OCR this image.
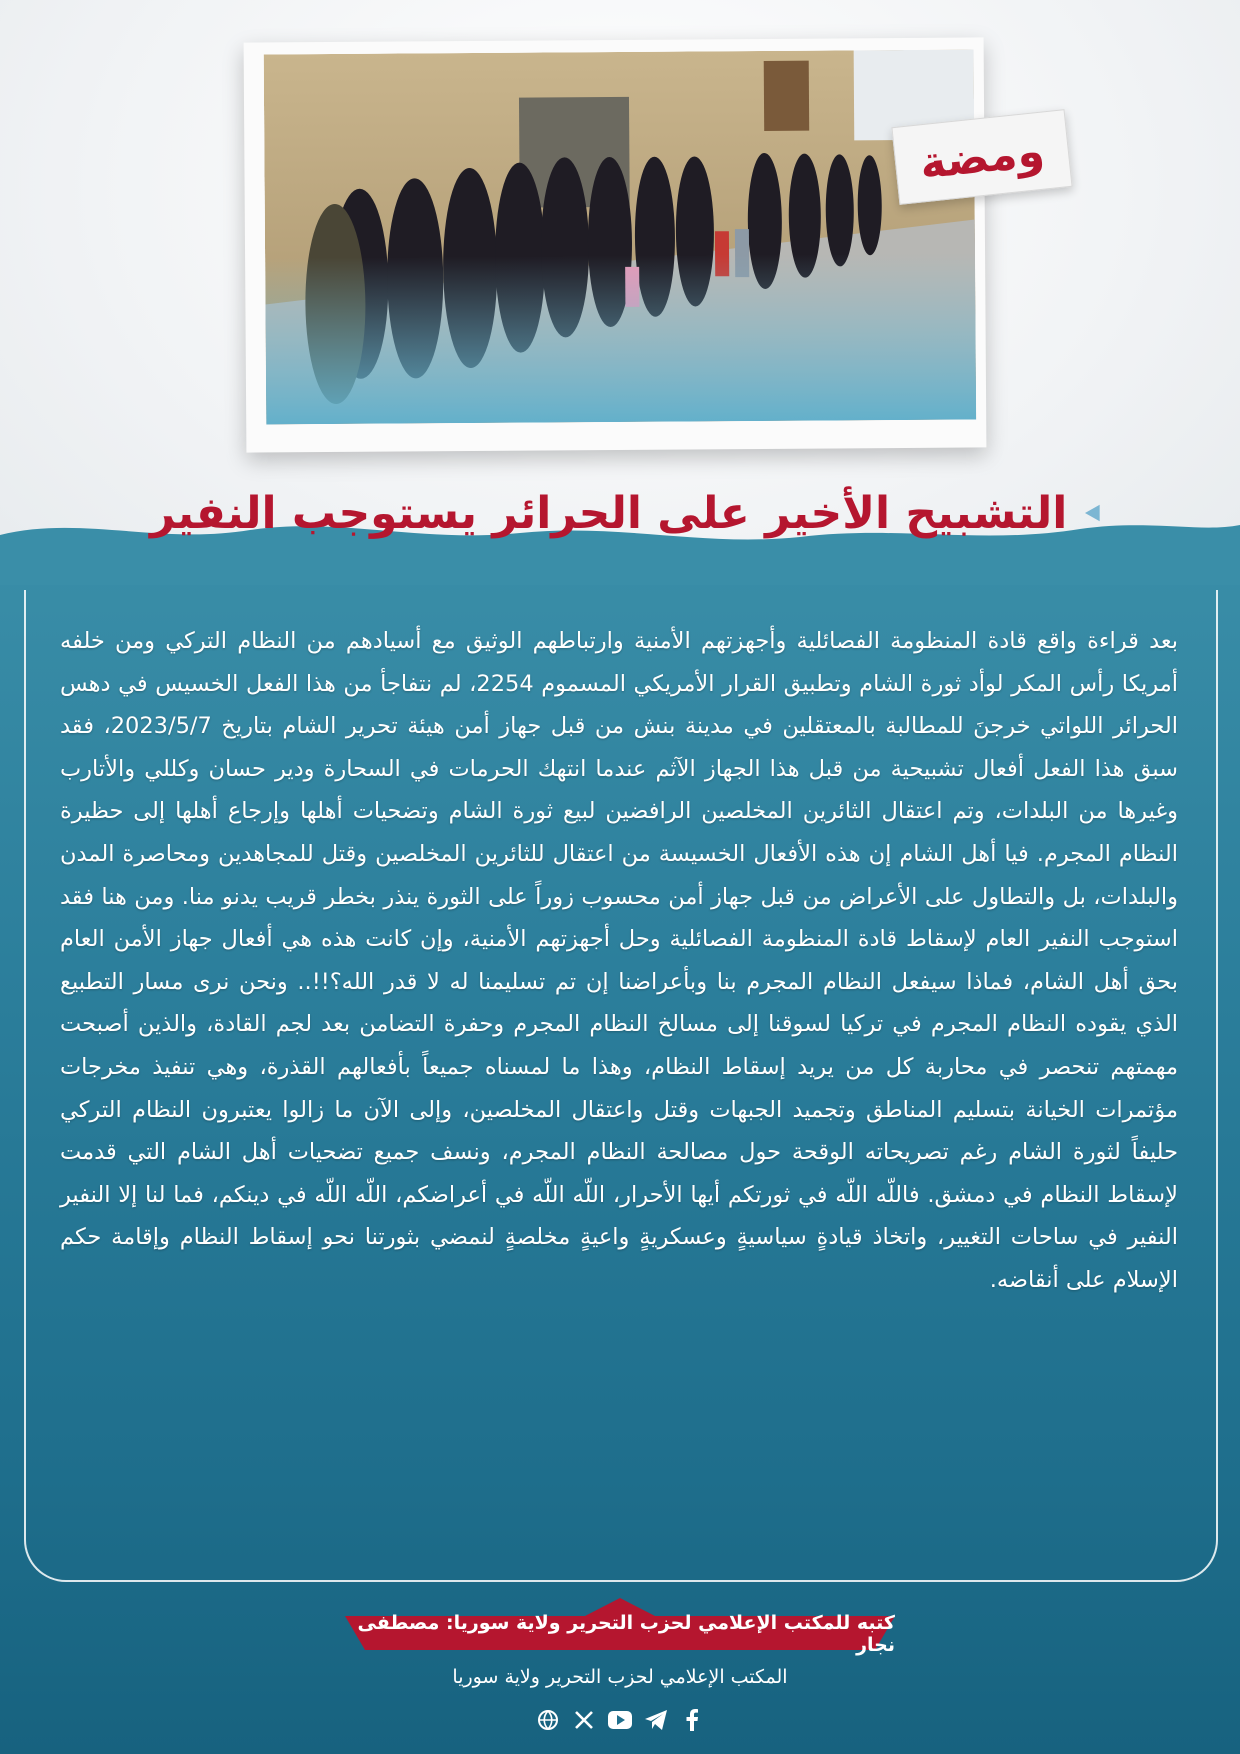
ومضة
التشبيح الأخير على الحرائر يستوجب النفير
بعد قراءة واقع قادة المنظومة الفصائلية وأجهزتهم الأمنية وارتباطهم الوثيق مع أسيادهم من النظام التركي ومن خلفه أمريكا رأس المكر لوأد ثورة الشام وتطبيق القرار الأمريكي المسموم 2254، لم نتفاجأ من هذا الفعل الخسيس في دهس الحرائر اللواتي خرجنَ للمطالبة بالمعتقلين في مدينة بنش من قبل جهاز أمن هيئة تحرير الشام بتاريخ 2023/5/7، فقد سبق هذا الفعل أفعال تشبيحية من قبل هذا الجهاز الآثم عندما انتهك الحرمات في السحارة ودير حسان وكللي والأتارب وغيرها من البلدات، وتم اعتقال الثائرين المخلصين الرافضين لبيع ثورة الشام وتضحيات أهلها وإرجاع أهلها إلى حظيرة النظام المجرم. فيا أهل الشام إن هذه الأفعال الخسيسة من اعتقال للثائرين المخلصين وقتل للمجاهدين ومحاصرة المدن والبلدات، بل والتطاول على الأعراض من قبل جهاز أمن محسوب زوراً على الثورة ينذر بخطر قريب يدنو منا. ومن هنا فقد استوجب النفير العام لإسقاط قادة المنظومة الفصائلية وحل أجهزتهم الأمنية، وإن كانت هذه هي أفعال جهاز الأمن العام بحق أهل الشام، فماذا سيفعل النظام المجرم بنا وبأعراضنا إن تم تسليمنا له لا قدر الله؟!!.. ونحن نرى مسار التطبيع الذي يقوده النظام المجرم في تركيا لسوقنا إلى مسالخ النظام المجرم وحفرة التضامن بعد لجم القادة، والذين أصبحت مهمتهم تنحصر في محاربة كل من يريد إسقاط النظام، وهذا ما لمسناه جميعاً بأفعالهم القذرة، وهي تنفيذ مخرجات مؤتمرات الخيانة بتسليم المناطق وتجميد الجبهات وقتل واعتقال المخلصين، وإلى الآن ما زالوا يعتبرون النظام التركي حليفاً لثورة الشام رغم تصريحاته الوقحة حول مصالحة النظام المجرم، ونسف جميع تضحيات أهل الشام التي قدمت لإسقاط النظام في دمشق. فاللّه اللّه في ثورتكم أيها الأحرار، اللّه اللّه في أعراضكم، اللّه اللّه في دينكم، فما لنا إلا النفير النفير في ساحات التغيير، واتخاذ قيادةٍ سياسيةٍ وعسكريةٍ واعيةٍ مخلصةٍ لنمضي بثورتنا نحو إسقاط النظام وإقامة حكم الإسلام على أنقاضه.
كتبه للمكتب الإعلامي لحزب التحرير ولاية سوريا: مصطفى نجار
المكتب الإعلامي لحزب التحرير ولاية سوريا
